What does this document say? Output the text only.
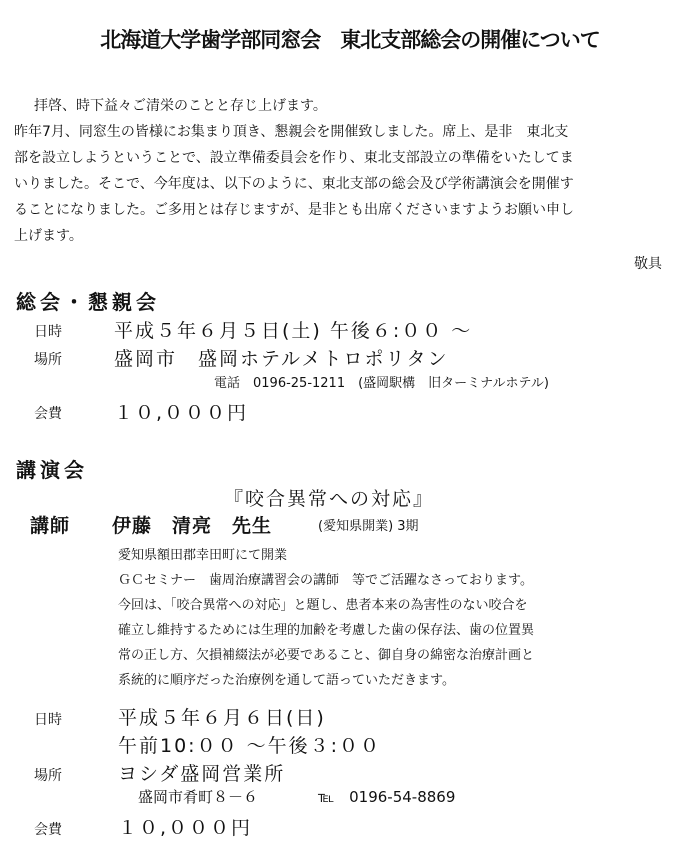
北海道大学歯学部同窓会　東北支部総会の開催について
拝啓、時下益々ご清栄のことと存じ上げます。
昨年7月、同窓生の皆様にお集まり頂き、懇親会を開催致しました。席上、是非　東北支
部を設立しようということで、設立準備委員会を作り、東北支部設立の準備をいたしてま
いりました。そこで、今年度は、以下のように、東北支部の総会及び学術講演会を開催す
ることになりました。ご多用とは存じますが、是非とも出席くださいますようお願い申し
上げます。
敬具
総会・懇親会
日時	平成５年６月５日(土) 午後６:００ ～
場所	盛岡市　盛岡ホテルメトロポリタン
電話　0196-25-1211　(盛岡駅構　旧ターミナルホテル)
会費	１０,０００円
講演会
『咬合異常への対応』
講師 伊藤　清亮　先生	(愛知県開業) 3期
愛知県額田郡幸田町にて開業
ＧＣセミナー　歯周治療講習会の講師　等でご活躍なさっております。
今回は、「咬合異常への対応」と題し、患者本来の為害性のない咬合を
確立し維持するためには生理的加齢を考慮した歯の保存法、歯の位置異
常の正し方、欠損補綴法が必要であること、御自身の綿密な治療計画と
系統的に順序だった治療例を通して語っていただきます。
日時	平成５年６月６日(日)
午前10:００ ～午後３:００
場所	ヨシダ盛岡営業所
盛岡市肴町８－６	℡　0196-54-8869
会費	１０,０００円
